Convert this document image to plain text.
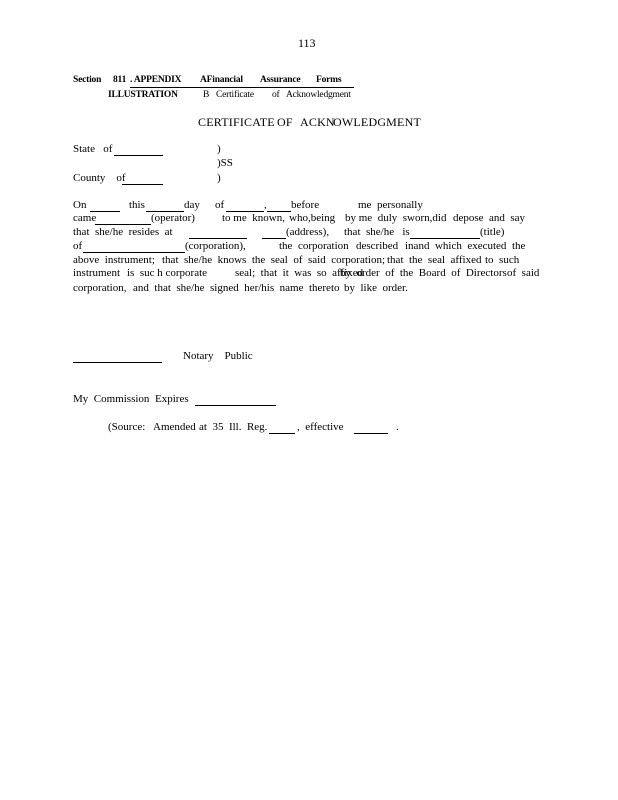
113
Section 811 . APPENDIX AFinancial Assurance Forms
ILLUSTRATION	B Certificate of Acknowledgment
CERTIFICATE OF ACKN
OWLEDGMENT
State   of	)
)SS
County    of	)
On	this	day of	, before	me personally
came	(operator) to me  known, who,being by me  duly  sworn,did depose and  say
that  she/he  resides  at	(address), that  she/he   is	(title)
of	(corporation),	the  corporation described inand  which  executed the
above  instrument; that  she/he  knows  the  seal  of  said  corporation; that  the  seal  affixed to  such
instrument is  suc h corporate	seal;  that  it  was  so  affixed
by  order  of  the  Board  of  Directors of  said
corporation, and  that  she/he  signed  her/his  name  thereto by  like  order.
Notary    Public
My  Commission Expires
(Source: Amended at  35  Ill.  Reg.	,  effective	.
